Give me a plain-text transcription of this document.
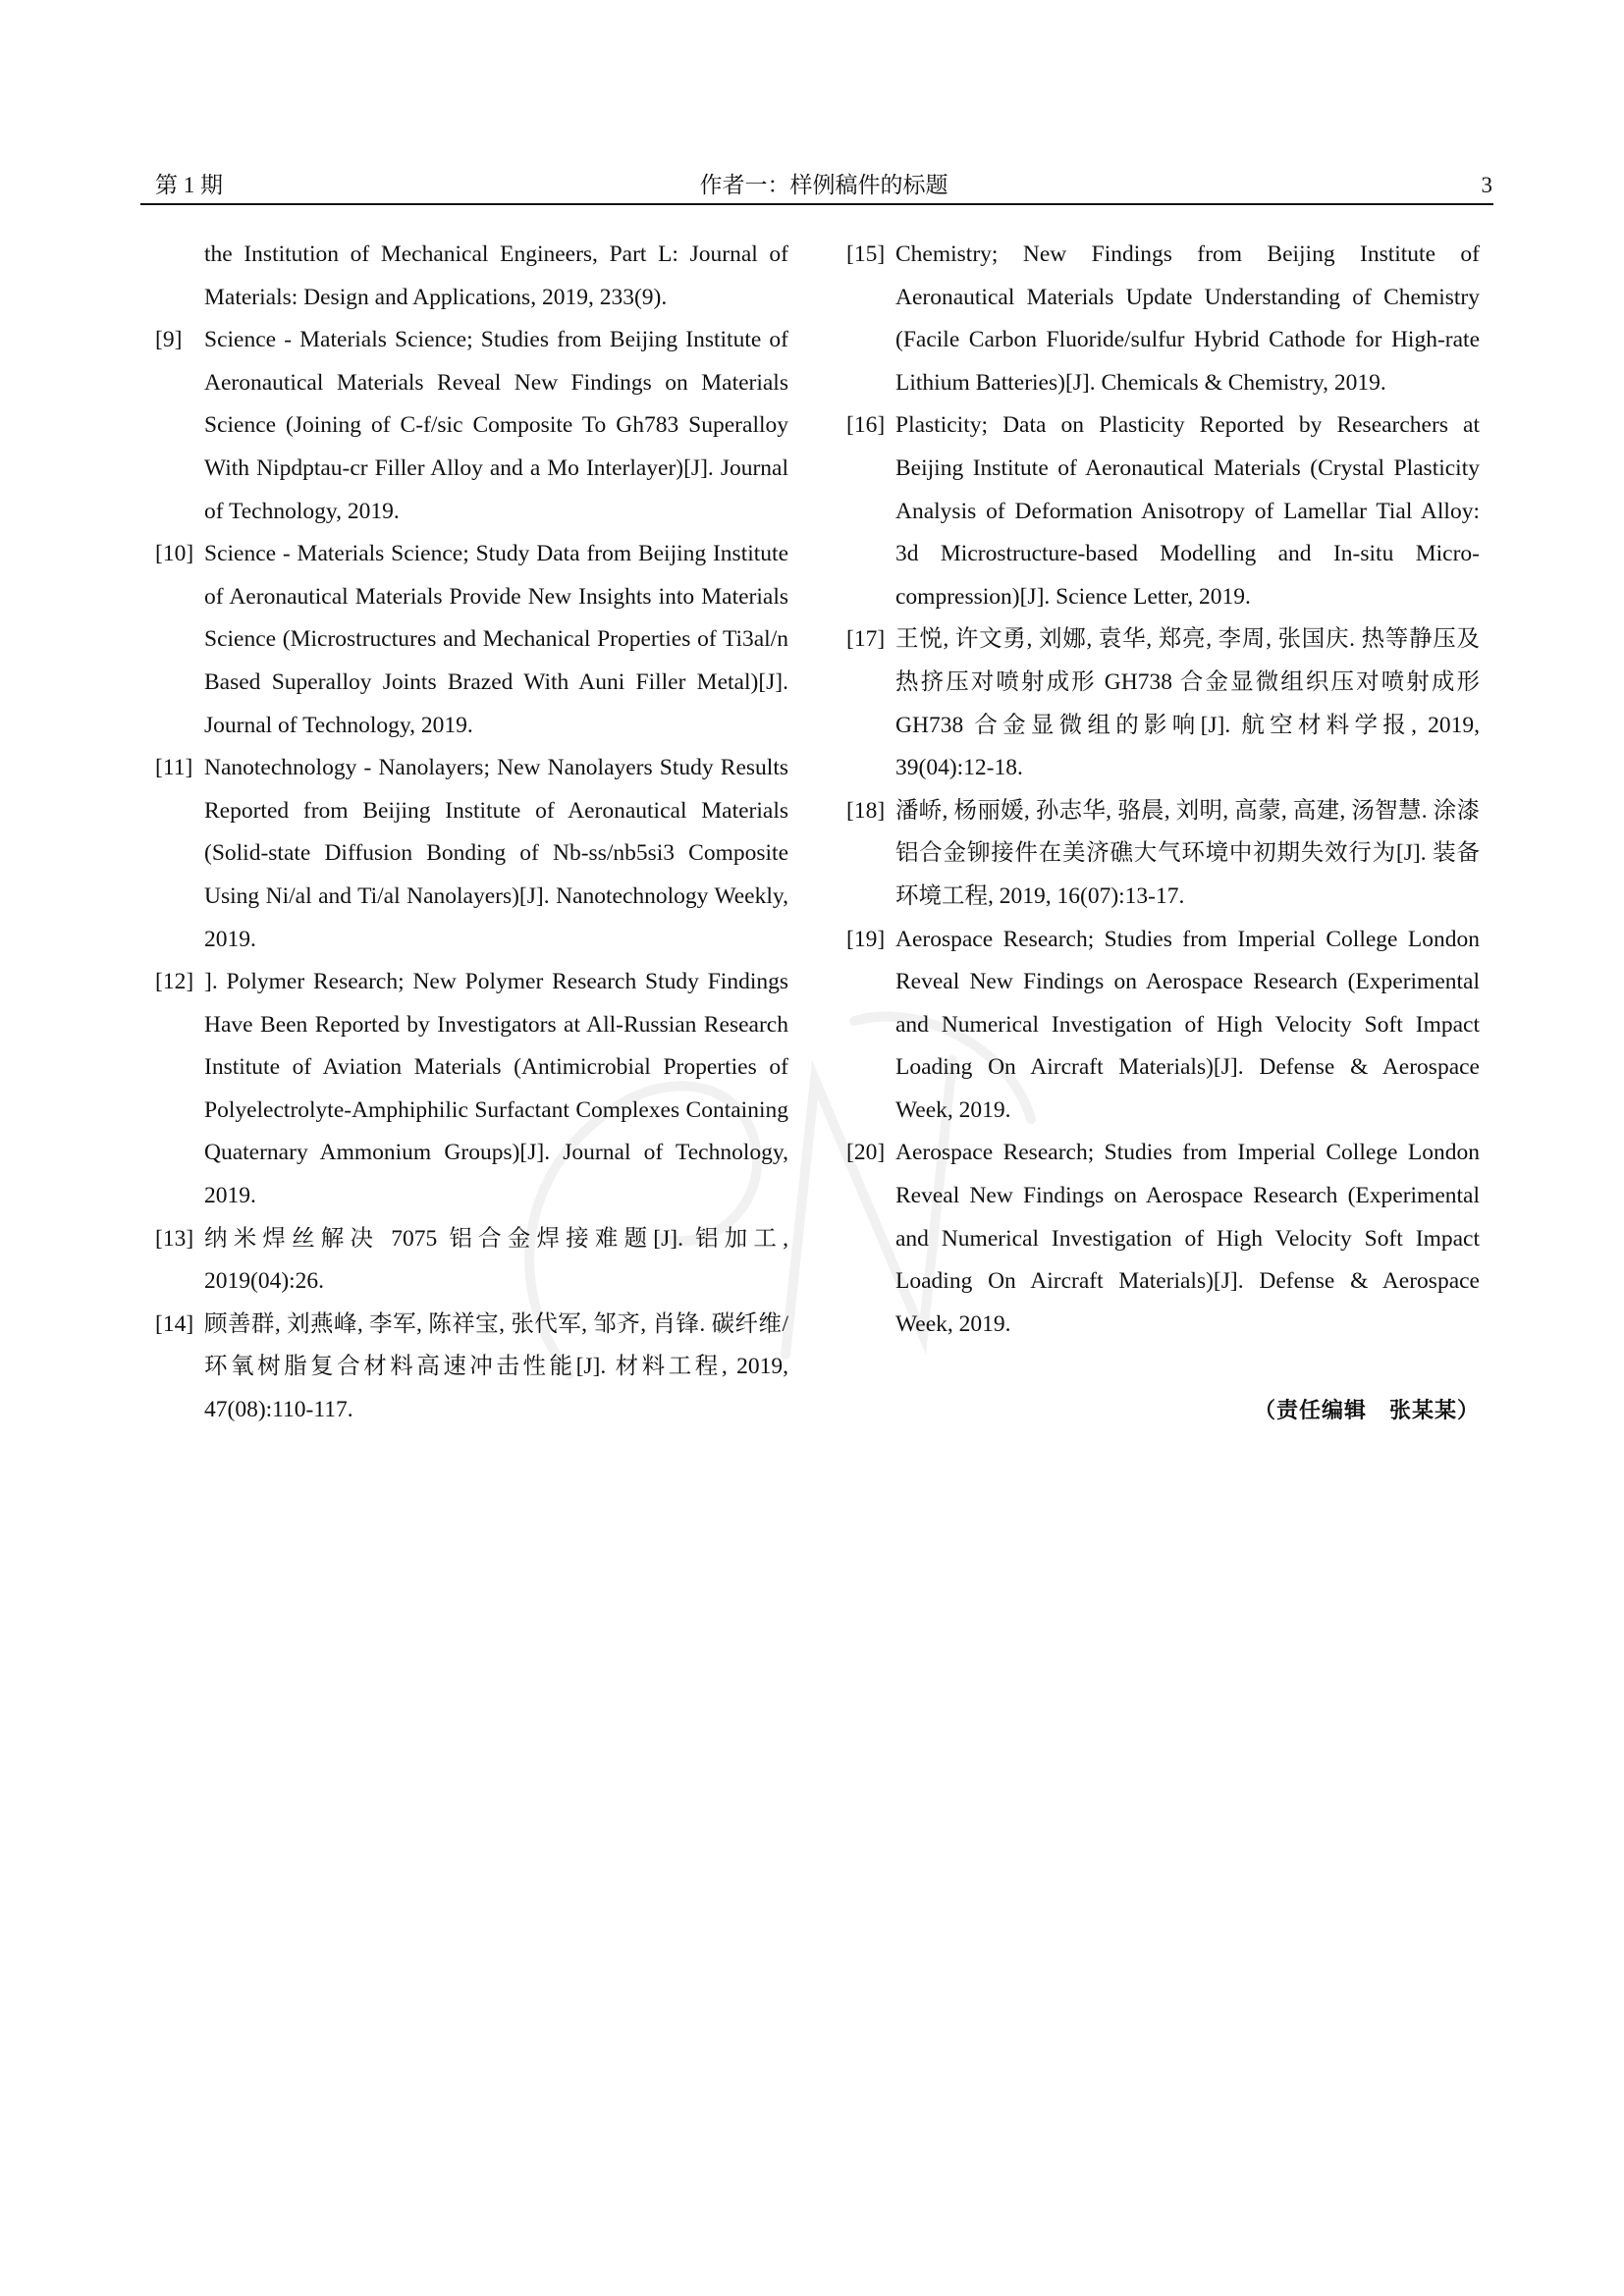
第 1 期	作者一：样例稿件的标题	3

the Institution of Mechanical Engineers, Part L: Journal of Materials: Design and Applications, 2019, 233(9).

[9] Science - Materials Science; Studies from Beijing Institute of Aeronautical Materials Reveal New Findings on Materials Science (Joining of C-f/sic Composite To Gh783 Superalloy With Nipdptau-cr Filler Alloy and a Mo Interlayer)[J]. Journal of Technology, 2019.
[10] Science - Materials Science; Study Data from Beijing Institute of Aeronautical Materials Provide New Insights into Materials Science (Microstructures and Mechanical Properties of Ti3al/n Based Superalloy Joints Brazed With Auni Filler Metal)[J]. Journal of Technology, 2019.
[11] Nanotechnology - Nanolayers; New Nanolayers Study Results Reported from Beijing Institute of Aeronautical Materials (Solid-state Diffusion Bonding of Nb-ss/nb5si3 Composite Using Ni/al and Ti/al Nanolayers)[J]. Nanotechnology Weekly, 2019.
[12] ]. Polymer Research; New Polymer Research Study Findings Have Been Reported by Investigators at All-Russian Research Institute of Aviation Materials (Antimicrobial Properties of Polyelectrolyte-Amphiphilic Surfactant Complexes Containing Quaternary Ammonium Groups)[J]. Journal of Technology, 2019.
[13] 纳米焊丝解决 7075 铝合金焊接难题[J]. 铝加工, 2019(04):26.
[14] 顾善群, 刘燕峰, 李军, 陈祥宝, 张代军, 邹齐, 肖锋. 碳纤维/环氧树脂复合材料高速冲击性能[J]. 材料工程, 2019, 47(08):110-117.
[15] Chemistry; New Findings from Beijing Institute of Aeronautical Materials Update Understanding of Chemistry (Facile Carbon Fluoride/sulfur Hybrid Cathode for High-rate Lithium Batteries)[J]. Chemicals & Chemistry, 2019.
[16] Plasticity; Data on Plasticity Reported by Researchers at Beijing Institute of Aeronautical Materials (Crystal Plasticity Analysis of Deformation Anisotropy of Lamellar Tial Alloy: 3d Microstructure-based Modelling and In-situ Micro-compression)[J]. Science Letter, 2019.
[17] 王悦, 许文勇, 刘娜, 袁华, 郑亮, 李周, 张国庆. 热等静压及热挤压对喷射成形 GH738 合金显微组织压对喷射成形 GH738 合金显微组的影响[J]. 航空材料学报, 2019, 39(04):12-18.
[18] 潘峤, 杨丽媛, 孙志华, 骆晨, 刘明, 高蒙, 高建, 汤智慧. 涂漆铝合金铆接件在美济礁大气环境中初期失效行为[J]. 装备环境工程, 2019, 16(07):13-17.
[19] Aerospace Research; Studies from Imperial College London Reveal New Findings on Aerospace Research (Experimental and Numerical Investigation of High Velocity Soft Impact Loading On Aircraft Materials)[J]. Defense & Aerospace Week, 2019.
[20] Aerospace Research; Studies from Imperial College London Reveal New Findings on Aerospace Research (Experimental and Numerical Investigation of High Velocity Soft Impact Loading On Aircraft Materials)[J]. Defense & Aerospace Week, 2019.
（责任编辑　张某某）
